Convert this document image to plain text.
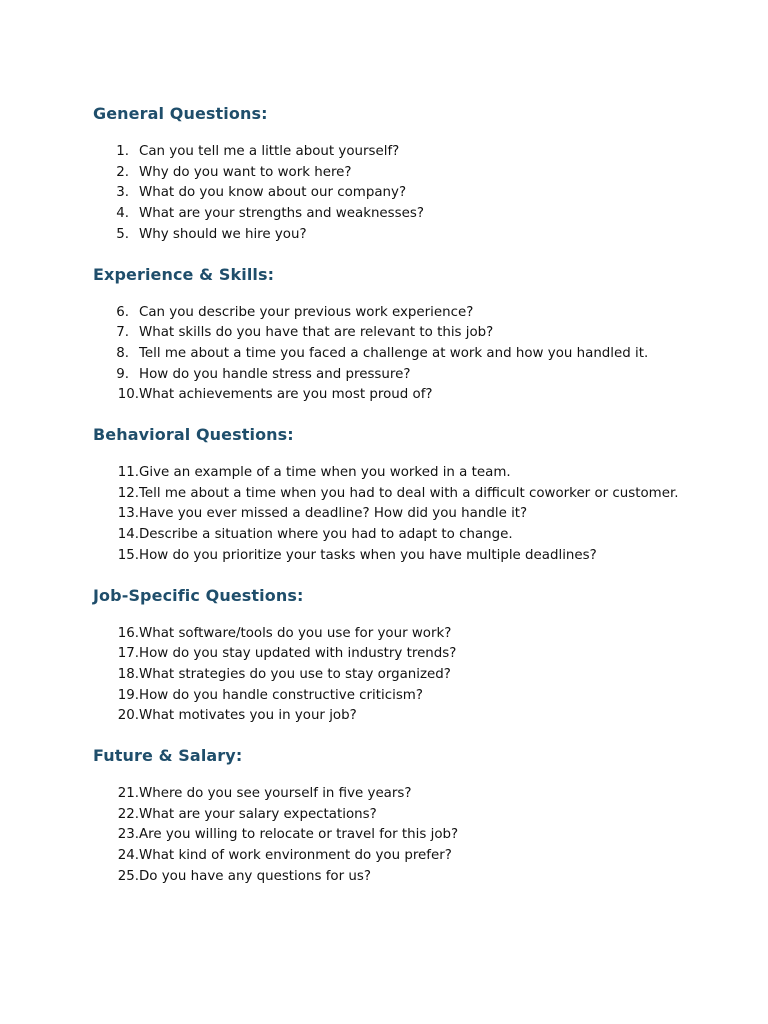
General Questions:
1. Can you tell me a little about yourself?
2. Why do you want to work here?
3. What do you know about our company?
4. What are your strengths and weaknesses?
5. Why should we hire you?
Experience & Skills:
6. Can you describe your previous work experience?
7. What skills do you have that are relevant to this job?
8. Tell me about a time you faced a challenge at work and how you handled it.
9. How do you handle stress and pressure?
10. What achievements are you most proud of?
Behavioral Questions:
11. Give an example of a time when you worked in a team.
12. Tell me about a time when you had to deal with a difficult coworker or customer.
13. Have you ever missed a deadline? How did you handle it?
14. Describe a situation where you had to adapt to change.
15. How do you prioritize your tasks when you have multiple deadlines?
Job-Specific Questions:
16. What software/tools do you use for your work?
17. How do you stay updated with industry trends?
18. What strategies do you use to stay organized?
19. How do you handle constructive criticism?
20. What motivates you in your job?
Future & Salary:
21. Where do you see yourself in five years?
22. What are your salary expectations?
23. Are you willing to relocate or travel for this job?
24. What kind of work environment do you prefer?
25. Do you have any questions for us?
